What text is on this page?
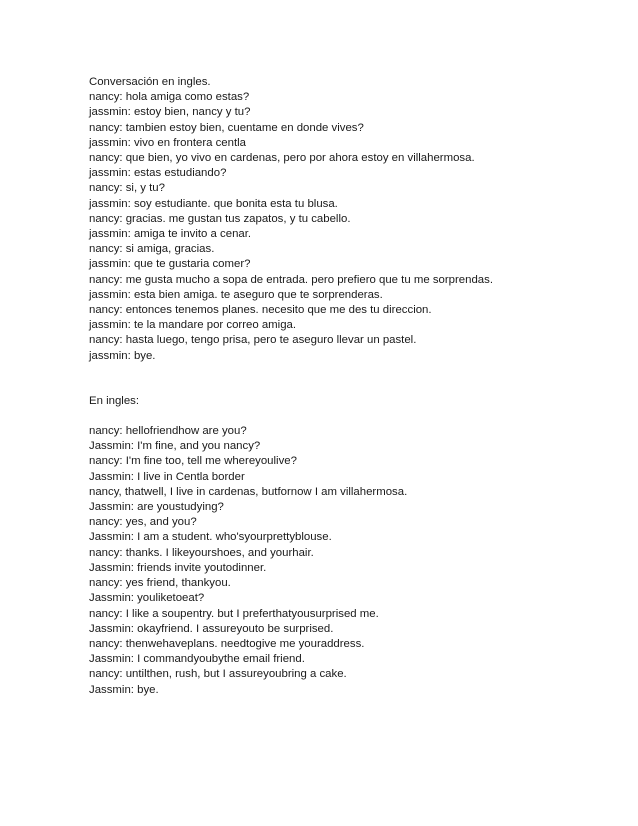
Conversación en ingles.

nancy: hola amiga como estas?

jassmin: estoy bien, nancy y tu?

nancy: tambien estoy bien, cuentame en donde vives?

jassmin: vivo en frontera centla

nancy: que bien, yo vivo en cardenas, pero por ahora estoy en villahermosa.

jassmin: estas estudiando?

nancy: si, y tu?

jassmin: soy estudiante. que bonita esta tu blusa.

nancy: gracias. me gustan tus zapatos, y tu cabello.

jassmin: amiga te invito a cenar.

nancy: si amiga, gracias.

jassmin: que te gustaria comer?

nancy: me gusta mucho a sopa de entrada. pero prefiero que tu me sorprendas.

jassmin: esta bien amiga. te aseguro que te sorprenderas.

nancy: entonces tenemos planes. necesito que me des tu direccion.

jassmin: te la mandare por correo amiga.

nancy: hasta luego, tengo prisa, pero te aseguro llevar un pastel.

jassmin: bye.

En ingles:

nancy: hellofriendhow are you?

Jassmin: I'm fine, and you nancy?

nancy: I'm fine too, tell me whereyoulive?

Jassmin: I live in Centla border

nancy, thatwell, I live in cardenas, butfornow I am villahermosa.

Jassmin: are youstudying?

nancy: yes, and you?

Jassmin: I am a student. who'syourprettyblouse.

nancy: thanks. I likeyourshoes, and yourhair.

Jassmin: friends invite youtodinner.

nancy: yes friend, thankyou.

Jassmin: youliketoeat?

nancy: I like a soupentry. but I preferthatyousurprised me.

Jassmin: okayfriend. I assureyouto be surprised.

nancy: thenwehaveplans. needtogive me youraddress.

Jassmin: I commandyoubythe email friend.

nancy: untilthen, rush, but I assureyoubring a cake.

Jassmin: bye.
